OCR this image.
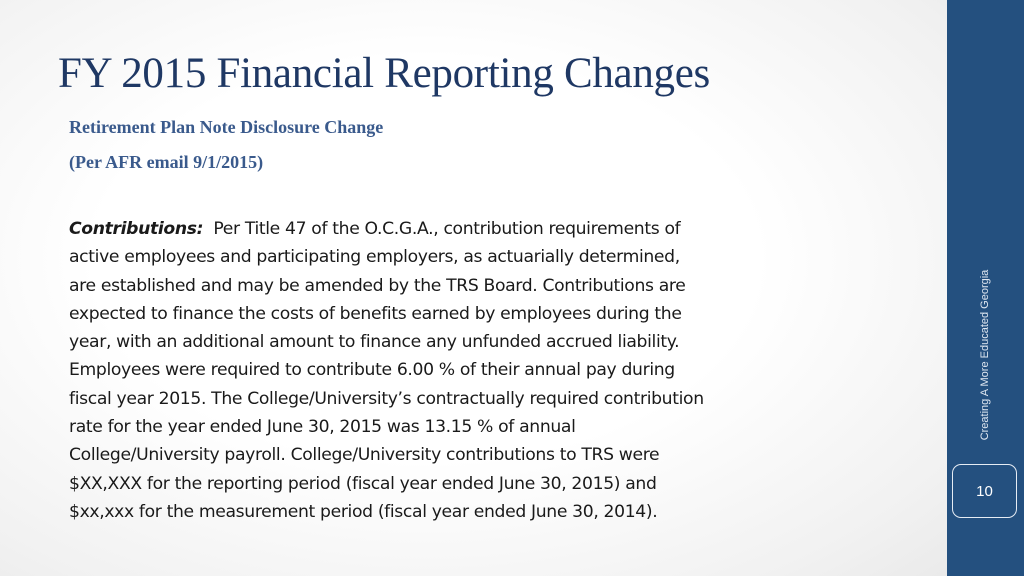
FY 2015 Financial Reporting Changes
Retirement Plan Note Disclosure Change
(Per AFR email 9/1/2015)
Contributions:  Per Title 47 of the O.C.G.A., contribution requirements of
active employees and participating employers, as actuarially determined,
are established and may be amended by the TRS Board. Contributions are
expected to finance the costs of benefits earned by employees during the
year, with an additional amount to finance any unfunded accrued liability.
Employees were required to contribute 6.00 % of their annual pay during
fiscal year 2015. The College/University’s contractually required contribution
rate for the year ended June 30, 2015 was 13.15 % of annual
College/University payroll. College/University contributions to TRS were
$XX,XXX for the reporting period (fiscal year ended June 30, 2015) and
$xx,xxx for the measurement period (fiscal year ended June 30, 2014).
Creating A More Educated Georgia
10
